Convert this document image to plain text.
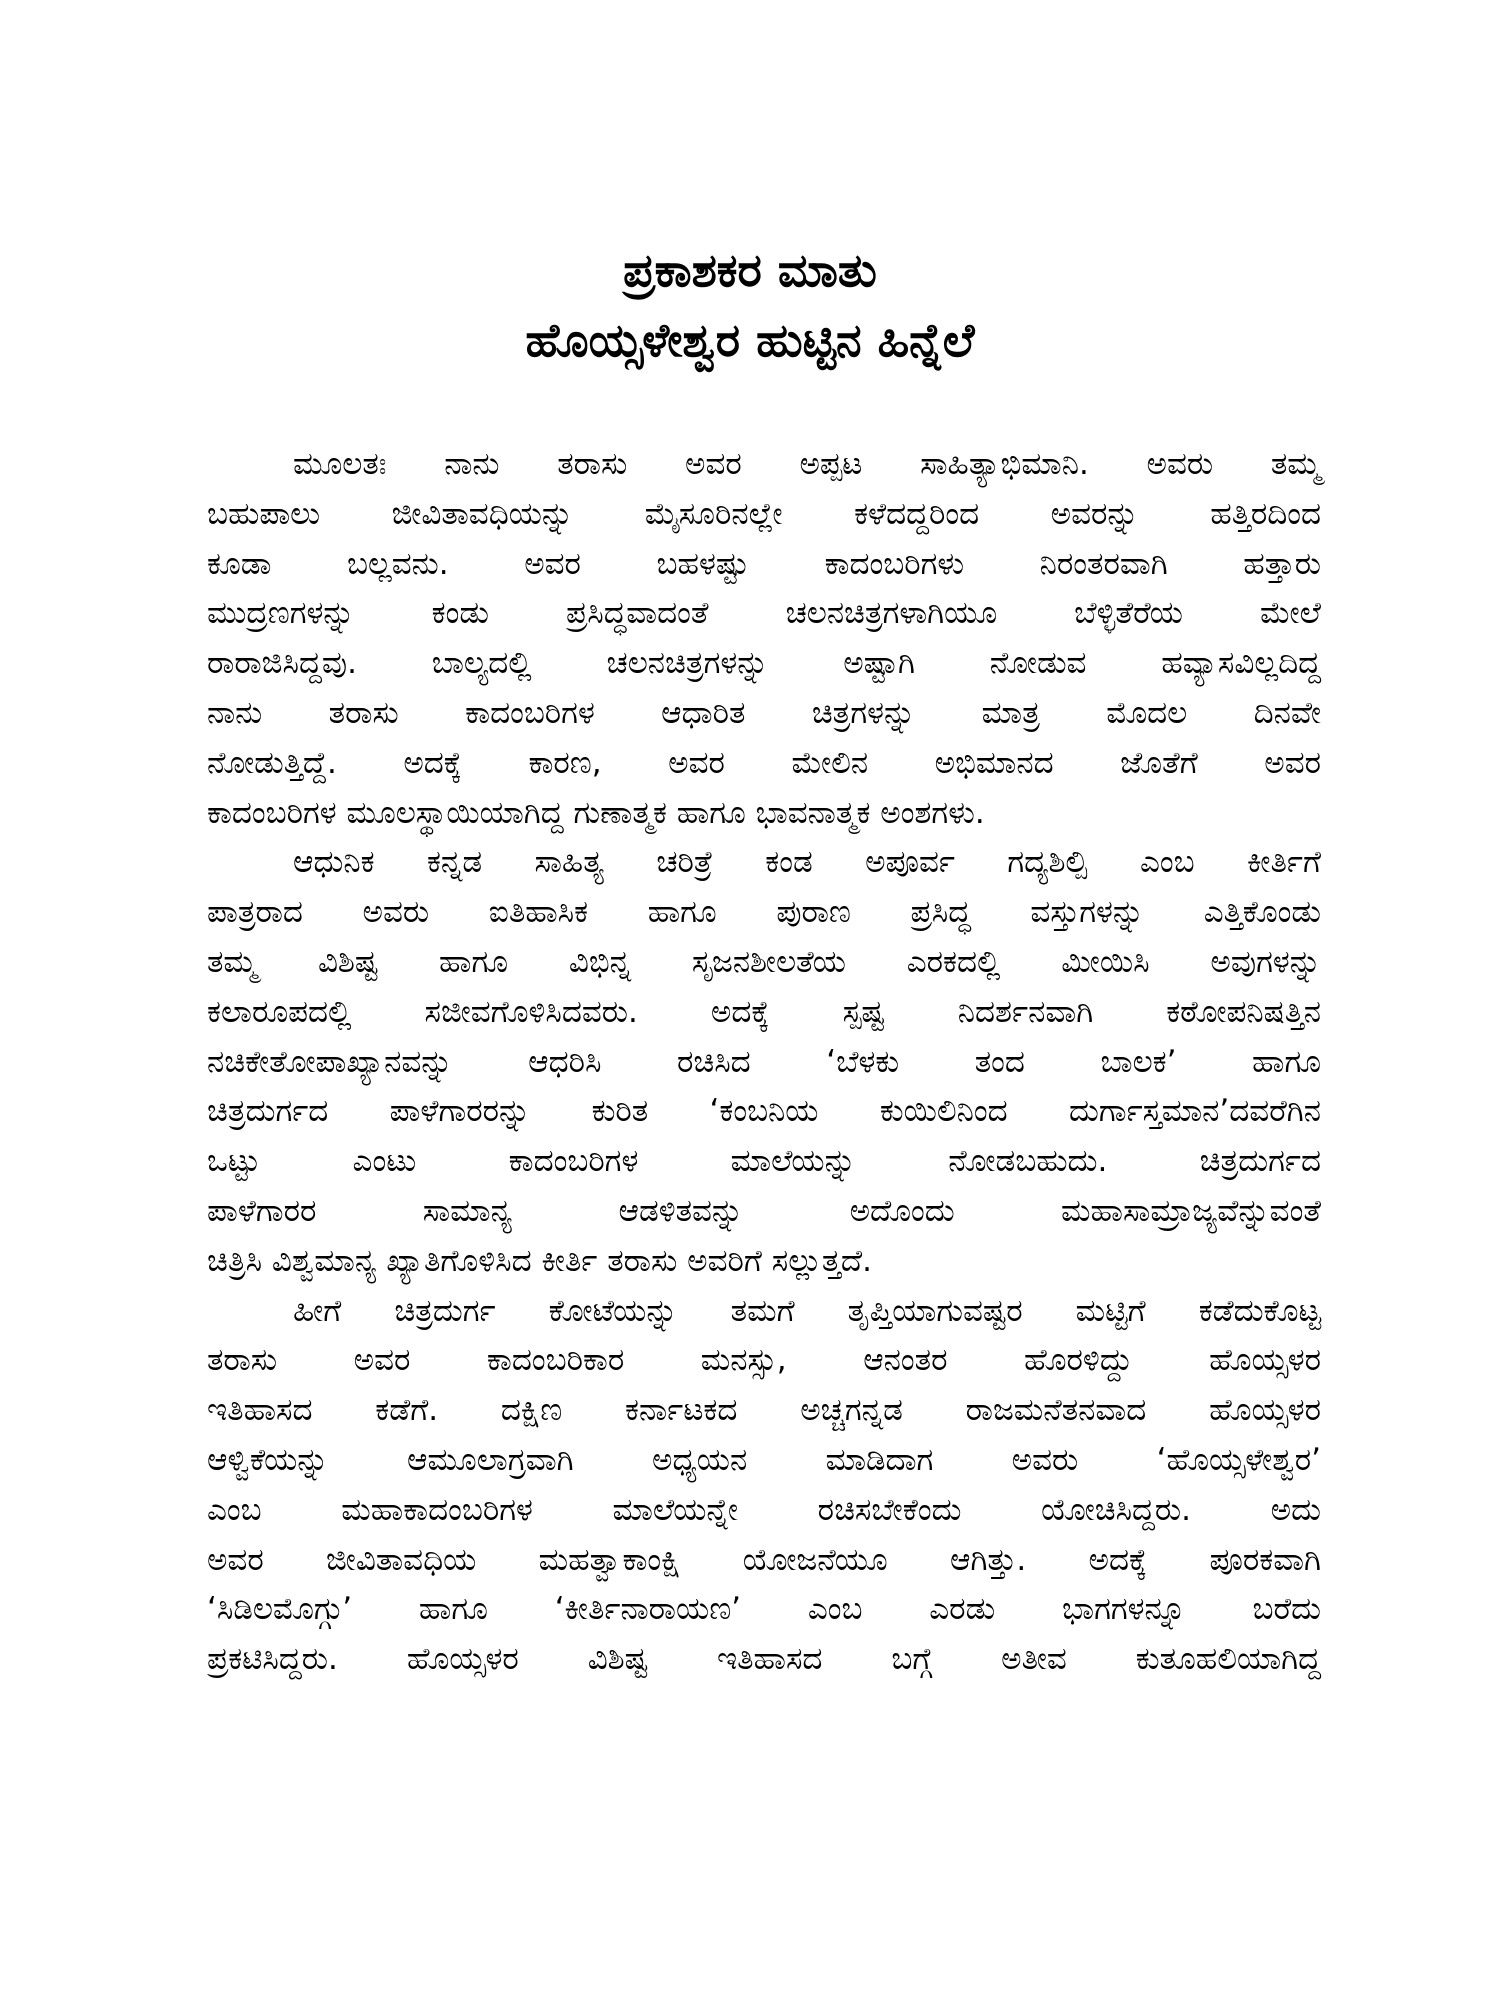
ಪ್ರಕಾಶಕರ ಮಾತು
ಹೊಯ್ಸಳೇಶ್ವರ ಹುಟ್ಟಿನ ಹಿನ್ನೆಲೆ
ಮೂಲತಃ ನಾನು ತರಾಸು ಅವರ ಅಪ್ಪಟ ಸಾಹಿತ್ಯಾಭಿಮಾನಿ. ಅವರು ತಮ್ಮ
ಬಹುಪಾಲು ಜೀವಿತಾವಧಿಯನ್ನು ಮೈಸೂರಿನಲ್ಲೇ ಕಳೆದದ್ದರಿಂದ ಅವರನ್ನು ಹತ್ತಿರದಿಂದ
ಕೂಡಾ ಬಲ್ಲವನು. ಅವರ ಬಹಳಷ್ಟು ಕಾದಂಬರಿಗಳು ನಿರಂತರವಾಗಿ ಹತ್ತಾರು
ಮುದ್ರಣಗಳನ್ನು ಕಂಡು ಪ್ರಸಿದ್ಧವಾದಂತೆ ಚಲನಚಿತ್ರಗಳಾಗಿಯೂ ಬೆಳ್ಳಿತೆರೆಯ ಮೇಲೆ
ರಾರಾಜಿಸಿದ್ದವು. ಬಾಲ್ಯದಲ್ಲಿ ಚಲನಚಿತ್ರಗಳನ್ನು ಅಷ್ಟಾಗಿ ನೋಡುವ ಹವ್ಯಾಸವಿಲ್ಲದಿದ್ದ
ನಾನು ತರಾಸು ಕಾದಂಬರಿಗಳ ಆಧಾರಿತ ಚಿತ್ರಗಳನ್ನು ಮಾತ್ರ ಮೊದಲ ದಿನವೇ
ನೋಡುತ್ತಿದ್ದೆ. ಅದಕ್ಕೆ ಕಾರಣ, ಅವರ ಮೇಲಿನ ಅಭಿಮಾನದ ಜೊತೆಗೆ ಅವರ
ಕಾದಂಬರಿಗಳ ಮೂಲಸ್ಥಾಯಿಯಾಗಿದ್ದ ಗುಣಾತ್ಮಕ ಹಾಗೂ ಭಾವನಾತ್ಮಕ ಅಂಶಗಳು.
ಆಧುನಿಕ ಕನ್ನಡ ಸಾಹಿತ್ಯ ಚರಿತ್ರೆ ಕಂಡ ಅಪೂರ್ವ ಗದ್ಯಶಿಲ್ಪಿ ಎಂಬ ಕೀರ್ತಿಗೆ
ಪಾತ್ರರಾದ ಅವರು ಐತಿಹಾಸಿಕ ಹಾಗೂ ಪುರಾಣ ಪ್ರಸಿದ್ಧ ವಸ್ತುಗಳನ್ನು ಎತ್ತಿಕೊಂಡು
ತಮ್ಮ ವಿಶಿಷ್ಟ ಹಾಗೂ ವಿಭಿನ್ನ ಸೃಜನಶೀಲತೆಯ ಎರಕದಲ್ಲಿ ಮೀಯಿಸಿ ಅವುಗಳನ್ನು
ಕಲಾರೂಪದಲ್ಲಿ ಸಜೀವಗೊಳಿಸಿದವರು. ಅದಕ್ಕೆ ಸ್ಪಷ್ಟ ನಿದರ್ಶನವಾಗಿ ಕಠೋಪನಿಷತ್ತಿನ
ನಚಿಕೇತೋಪಾಖ್ಯಾನವನ್ನು ಆಧರಿಸಿ ರಚಿಸಿದ ‘ಬೆಳಕು ತಂದ ಬಾಲಕ’ ಹಾಗೂ
ಚಿತ್ರದುರ್ಗದ ಪಾಳೆಗಾರರನ್ನು ಕುರಿತ ‘ಕಂಬನಿಯ ಕುಯಿಲಿನಿಂದ ದುರ್ಗಾಸ್ತಮಾನ’ದವರೆಗಿನ
ಒಟ್ಟು ಎಂಟು ಕಾದಂಬರಿಗಳ ಮಾಲೆಯನ್ನು ನೋಡಬಹುದು. ಚಿತ್ರದುರ್ಗದ
ಪಾಳೆಗಾರರ ಸಾಮಾನ್ಯ ಆಡಳಿತವನ್ನು ಅದೊಂದು ಮಹಾಸಾಮ್ರಾಜ್ಯವೆನ್ನುವಂತೆ
ಚಿತ್ರಿಸಿ ವಿಶ್ವಮಾನ್ಯ ಖ್ಯಾತಿಗೊಳಿಸಿದ ಕೀರ್ತಿ ತರಾಸು ಅವರಿಗೆ ಸಲ್ಲುತ್ತದೆ.
ಹೀಗೆ ಚಿತ್ರದುರ್ಗ ಕೋಟೆಯನ್ನು ತಮಗೆ ತೃಪ್ತಿಯಾಗುವಷ್ಟರ ಮಟ್ಟಿಗೆ ಕಡೆದುಕೊಟ್ಟ
ತರಾಸು ಅವರ ಕಾದಂಬರಿಕಾರ ಮನಸ್ಸು, ಆನಂತರ ಹೊರಳಿದ್ದು ಹೊಯ್ಸಳರ
ಇತಿಹಾಸದ ಕಡೆಗೆ. ದಕ್ಷಿಣ ಕರ್ನಾಟಕದ ಅಚ್ಚಗನ್ನಡ ರಾಜಮನೆತನವಾದ ಹೊಯ್ಸಳರ
ಆಳ್ವಿಕೆಯನ್ನು ಆಮೂಲಾಗ್ರವಾಗಿ ಅಧ್ಯಯನ ಮಾಡಿದಾಗ ಅವರು ‘ಹೊಯ್ಸಳೇಶ್ವರ’
ಎಂಬ ಮಹಾಕಾದಂಬರಿಗಳ ಮಾಲೆಯನ್ನೇ ರಚಿಸಬೇಕೆಂದು ಯೋಚಿಸಿದ್ದರು. ಅದು
ಅವರ ಜೀವಿತಾವಧಿಯ ಮಹತ್ವಾಕಾಂಕ್ಷಿ ಯೋಜನೆಯೂ ಆಗಿತ್ತು. ಅದಕ್ಕೆ ಪೂರಕವಾಗಿ
‘ಸಿಡಿಲಮೊಗ್ಗು’ ಹಾಗೂ ‘ಕೀರ್ತಿನಾರಾಯಣ’ ಎಂಬ ಎರಡು ಭಾಗಗಳನ್ನೂ ಬರೆದು
ಪ್ರಕಟಿಸಿದ್ದರು. ಹೊಯ್ಸಳರ ವಿಶಿಷ್ಟ ಇತಿಹಾಸದ ಬಗ್ಗೆ ಅತೀವ ಕುತೂಹಲಿಯಾಗಿದ್ದ
